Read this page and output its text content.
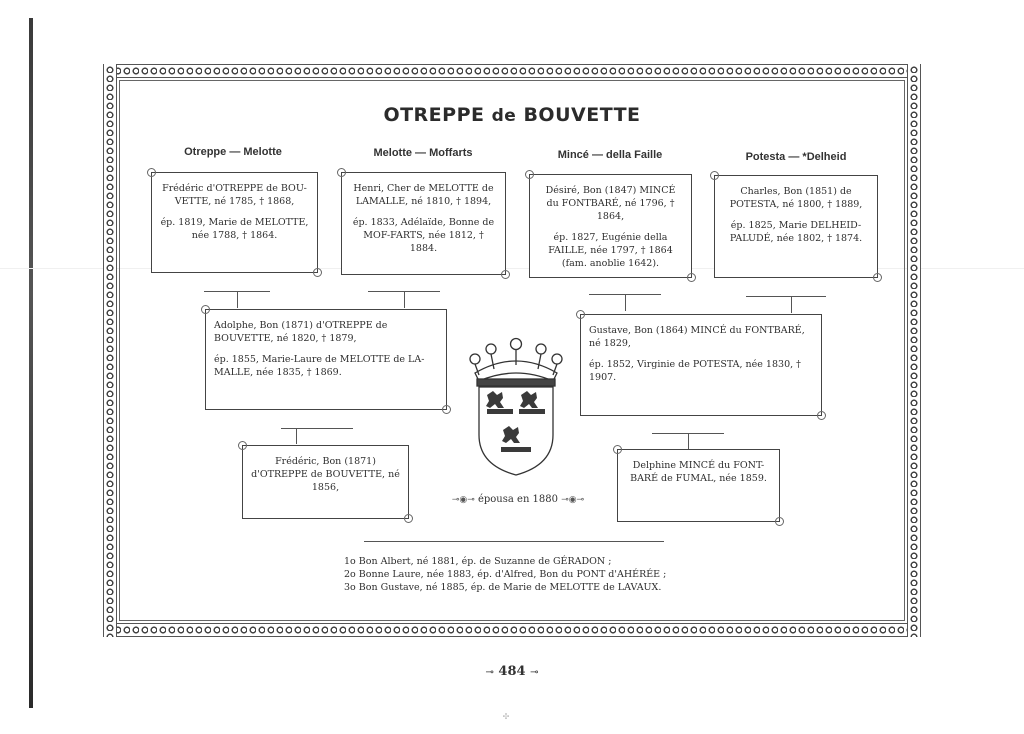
OTREPPE de BOUVETTE
Otreppe — Melotte	Melotte — Moffarts	Mincé — della Faille	Potesta — *Delheid

Frédéric d'OTREPPE de BOU-VETTE, né 1785, † 1868,

ép. 1819, Marie de MELOTTE, née 1788, † 1864.

Henri, Cher de MELOTTE de LAMALLE, né 1810, † 1894,

ép. 1833, Adélaïde, Bonne de MOF-FARTS, née 1812, † 1884.

Désiré, Bon (1847) MINCÉ du FONTBARÉ, né 1796, † 1864,

ép. 1827, Eugénie della FAILLE, née 1797, † 1864 (fam. anoblie 1642).

Charles, Bon (1851) de POTESTA, né 1800, † 1889,

ép. 1825, Marie DELHEID-PALUDÉ, née 1802, † 1874.

Adolphe, Bon (1871) d'OTREPPE de BOUVETTE, né 1820, † 1879,

ép. 1855, Marie-Laure de MELOTTE de LA-MALLE, née 1835, † 1869.

Gustave, Bon (1864) MINCÉ du FONTBARÉ, né 1829,

ép. 1852, Virginie de POTESTA, née 1830, † 1907.

Frédéric, Bon (1871) d'OTREPPE de BOUVETTE, né 1856,

Delphine MINCÉ du FONT-BARÉ de FUMAL, née 1859.

⊸◉⊸ épousa en 1880 ⊸◉⊸
1o Bon Albert, né 1881, ép. de Suzanne de GÉRADON ;
2o Bonne Laure, née 1883, ép. d'Alfred, Bon du PONT d'AHÉRÉE ;
3o Bon Gustave, né 1885, ép. de Marie de MELOTTE de LAVAUX.
⊸ 484 ⊸
✣
